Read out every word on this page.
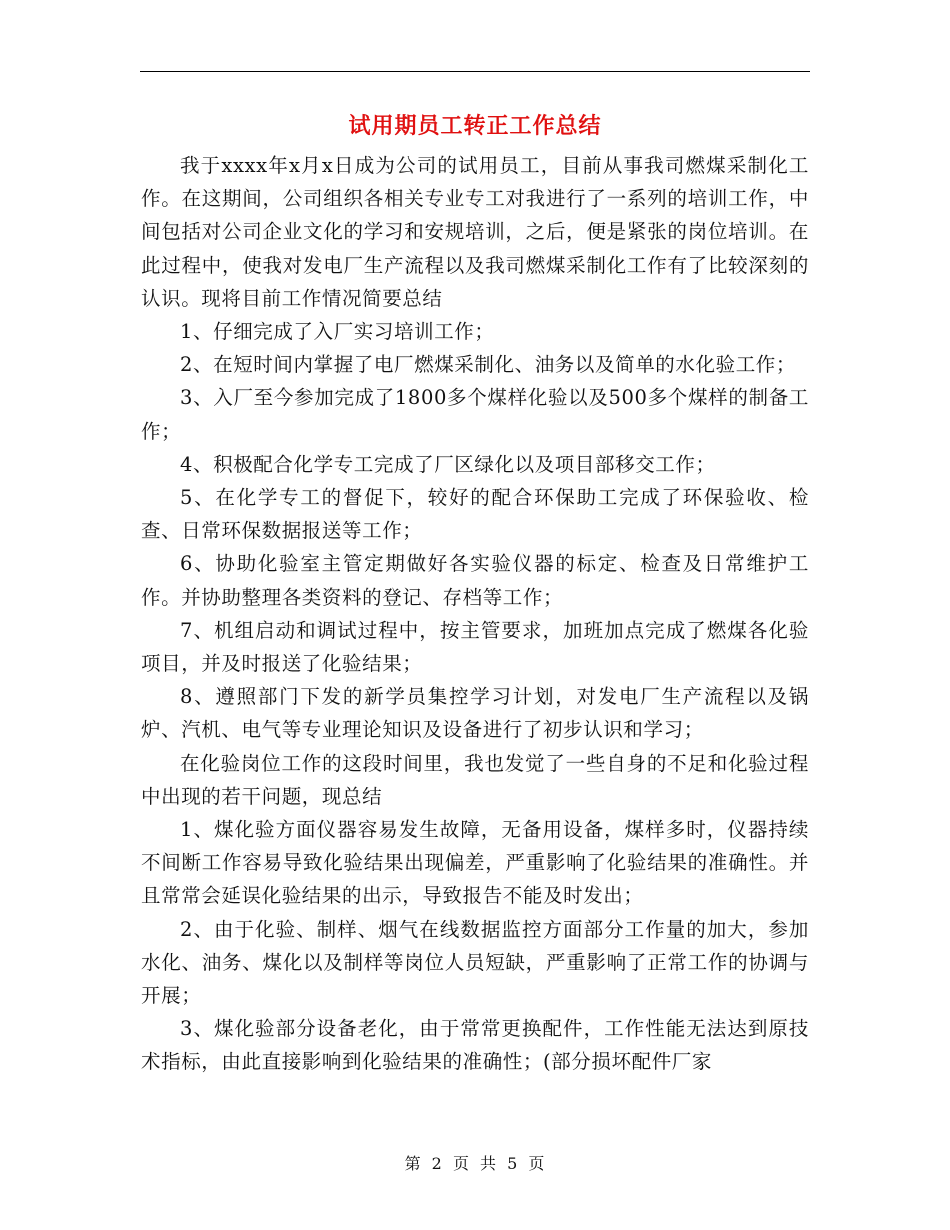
试用期员工转正工作总结

我于xxxx年x月x日成为公司的试用员工，目前从事我司燃煤采制化工作。在这期间，公司组织各相关专业专工对我进行了一系列的培训工作，中间包括对公司企业文化的学习和安规培训，之后，便是紧张的岗位培训。在此过程中，使我对发电厂生产流程以及我司燃煤采制化工作有了比较深刻的认识。现将目前工作情况简要总结

1、仔细完成了入厂实习培训工作；

2、在短时间内掌握了电厂燃煤采制化、油务以及简单的水化验工作；

3、入厂至今参加完成了1800多个煤样化验以及500多个煤样的制备工作；

4、积极配合化学专工完成了厂区绿化以及项目部移交工作；

5、在化学专工的督促下，较好的配合环保助工完成了环保验收、检查、日常环保数据报送等工作；

6、协助化验室主管定期做好各实验仪器的标定、检查及日常维护工作。并协助整理各类资料的登记、存档等工作；

7、机组启动和调试过程中，按主管要求，加班加点完成了燃煤各化验项目，并及时报送了化验结果；

8、遵照部门下发的新学员集控学习计划，对发电厂生产流程以及锅炉、汽机、电气等专业理论知识及设备进行了初步认识和学习；

在化验岗位工作的这段时间里，我也发觉了一些自身的不足和化验过程中出现的若干问题，现总结

1、煤化验方面仪器容易发生故障，无备用设备，煤样多时，仪器持续不间断工作容易导致化验结果出现偏差，严重影响了化验结果的准确性。并且常常会延误化验结果的出示，导致报告不能及时发出；

2、由于化验、制样、烟气在线数据监控方面部分工作量的加大，参加水化、油务、煤化以及制样等岗位人员短缺，严重影响了正常工作的协调与开展；

3、煤化验部分设备老化，由于常常更换配件，工作性能无法达到原技术指标，由此直接影响到化验结果的准确性；(部分损坏配件厂家

第 2 页 共 5 页
